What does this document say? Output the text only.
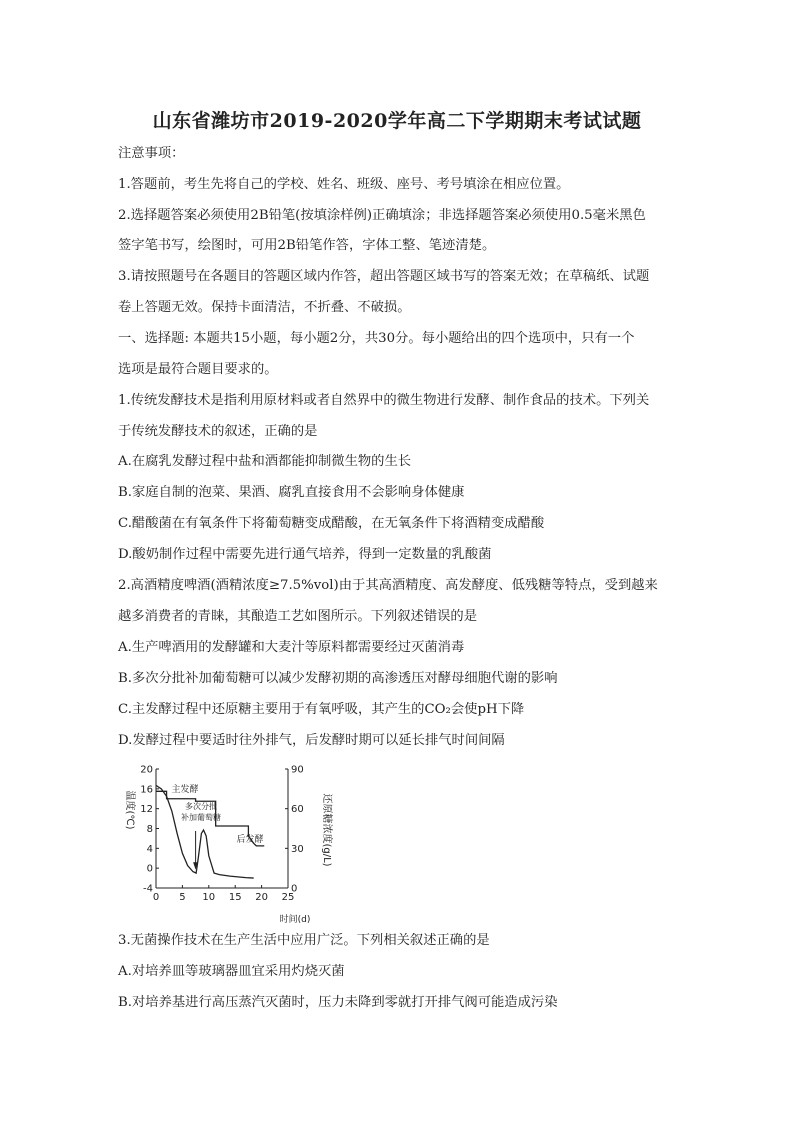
山东省潍坊市2019-2020学年高二下学期期末考试试题
注意事项：
1.答题前，考生先将自己的学校、姓名、班级、座号、考号填涂在相应位置。
2.选择题答案必须使用2B铅笔(按填涂样例)正确填涂；非选择题答案必须使用0.5毫米黑色
签字笔书写，绘图时，可用2B铅笔作答，字体工整、笔迹清楚。
3.请按照题号在各题目的答题区域内作答，超出答题区域书写的答案无效；在草稿纸、试题
卷上答题无效。保持卡面清洁，不折叠、不破损。
一、选择题: 本题共15小题，每小题2分，共30分。每小题给出的四个选项中，只有一个
选项是最符合题目要求的。
1.传统发酵技术是指利用原材料或者自然界中的微生物进行发酵、制作食品的技术。下列关
于传统发酵技术的叙述，正确的是
A.在腐乳发酵过程中盐和酒都能抑制微生物的生长
B.家庭自制的泡菜、果酒、腐乳直接食用不会影响身体健康
C.醋酸菌在有氧条件下将葡萄糖变成醋酸，在无氧条件下将酒精变成醋酸
D.酸奶制作过程中需要先进行通气培养，得到一定数量的乳酸菌
2.高酒精度啤酒(酒精浓度≥7.5%vol)由于其高酒精度、高发酵度、低残糖等特点，受到越来
越多消费者的青睐，其酿造工艺如图所示。下列叙述错误的是
A.生产啤酒用的发酵罐和大麦汁等原料都需要经过灭菌消毒
B.多次分批补加葡萄糖可以减少发酵初期的高渗透压对酵母细胞代谢的影响
C.主发酵过程中还原糖主要用于有氧呼吸，其产生的CO₂会使pH下降
D.发酵过程中要适时往外排气，后发酵时期可以延长排气时间间隔
温度(℃)	还原糖浓度(g/L)
时间(d)
主发酵
多次分批
补加葡萄糖
后发酵
0 5 10 15 20 25
20
16
12
8
4
0
-4
90
60
30
0
3.无菌操作技术在生产生活中应用广泛。下列相关叙述正确的是
A.对培养皿等玻璃器皿宜采用灼烧灭菌
B.对培养基进行高压蒸汽灭菌时，压力未降到零就打开排气阀可能造成污染
